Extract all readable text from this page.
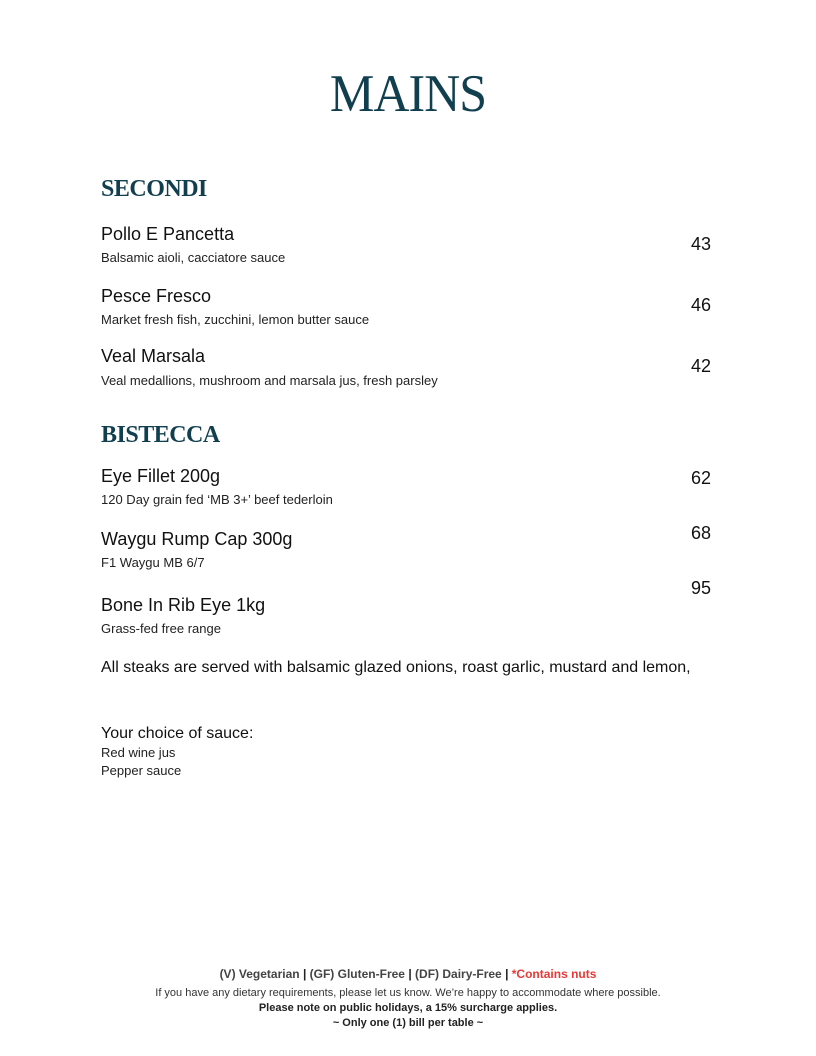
MAINS
SECONDI
Pollo E Pancetta
Balsamic aioli, cacciatore sauce
43
Pesce Fresco
Market fresh fish, zucchini, lemon butter sauce
46
Veal Marsala
Veal medallions, mushroom and marsala jus, fresh parsley
42
BISTECCA
Eye Fillet 200g
120 Day grain fed ‘MB 3+’ beef tederloin
62
Waygu Rump Cap 300g
F1 Waygu MB 6/7
68
Bone In Rib Eye 1kg
Grass-fed free range
95
All steaks are served with balsamic glazed onions, roast garlic, mustard and lemon,
Your choice of sauce:
Red wine jus
Pepper sauce
(V) Vegetarian | (GF) Gluten-Free | (DF) Dairy-Free | *Contains nuts
If you have any dietary requirements, please let us know. We’re happy to accommodate where possible.
Please note on public holidays, a 15% surcharge applies.
~ Only one (1) bill per table ~
